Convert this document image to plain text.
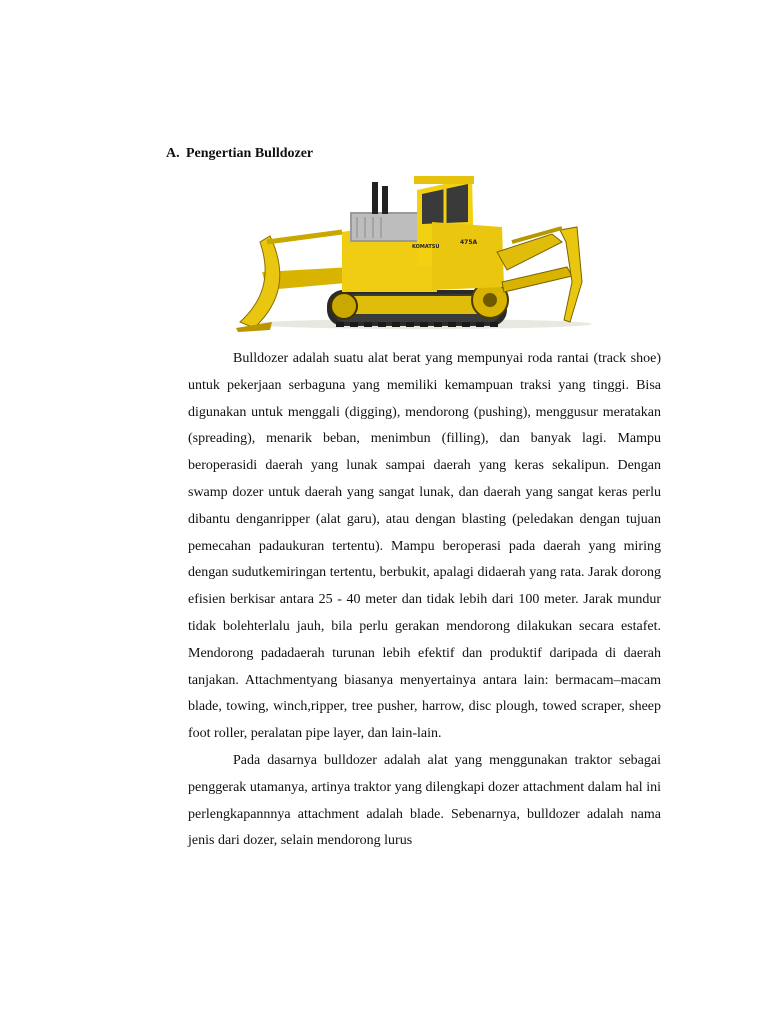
A. Pengertian Bulldozer
KOMATSU
475A

Bulldozer adalah suatu alat berat yang mempunyai roda rantai (track shoe) untuk pekerjaan serbaguna yang memiliki kemampuan traksi yang tinggi. Bisa digunakan untuk menggali (digging), mendorong (pushing), menggusur meratakan (spreading), menarik beban, menimbun (filling), dan banyak lagi. Mampu beroperasidi daerah yang lunak sampai daerah yang keras sekalipun. Dengan swamp dozer untuk daerah yang sangat lunak, dan daerah yang sangat keras perlu dibantu denganripper (alat garu), atau dengan blasting (peledakan dengan tujuan pemecahan padaukuran tertentu). Mampu beroperasi pada daerah yang miring dengan sudutkemiringan tertentu, berbukit, apalagi didaerah yang rata. Jarak dorong efisien berkisar antara 25 - 40 meter dan tidak lebih dari 100 meter. Jarak mundur tidak bolehterlalu jauh, bila perlu gerakan mendorong dilakukan secara estafet. Mendorong padadaerah turunan lebih efektif dan produktif daripada di daerah tanjakan. Attachmentyang biasanya menyertainya antara lain: bermacam–macam blade, towing, winch,ripper, tree pusher, harrow, disc plough, towed scraper, sheep foot roller, peralatan pipe layer, dan lain-lain.

Pada dasarnya bulldozer adalah alat yang menggunakan traktor sebagai penggerak utamanya, artinya traktor yang dilengkapi dozer attachment dalam hal ini perlengkapannnya attachment adalah blade. Sebenarnya, bulldozer adalah nama jenis dari dozer, selain mendorong lurus
